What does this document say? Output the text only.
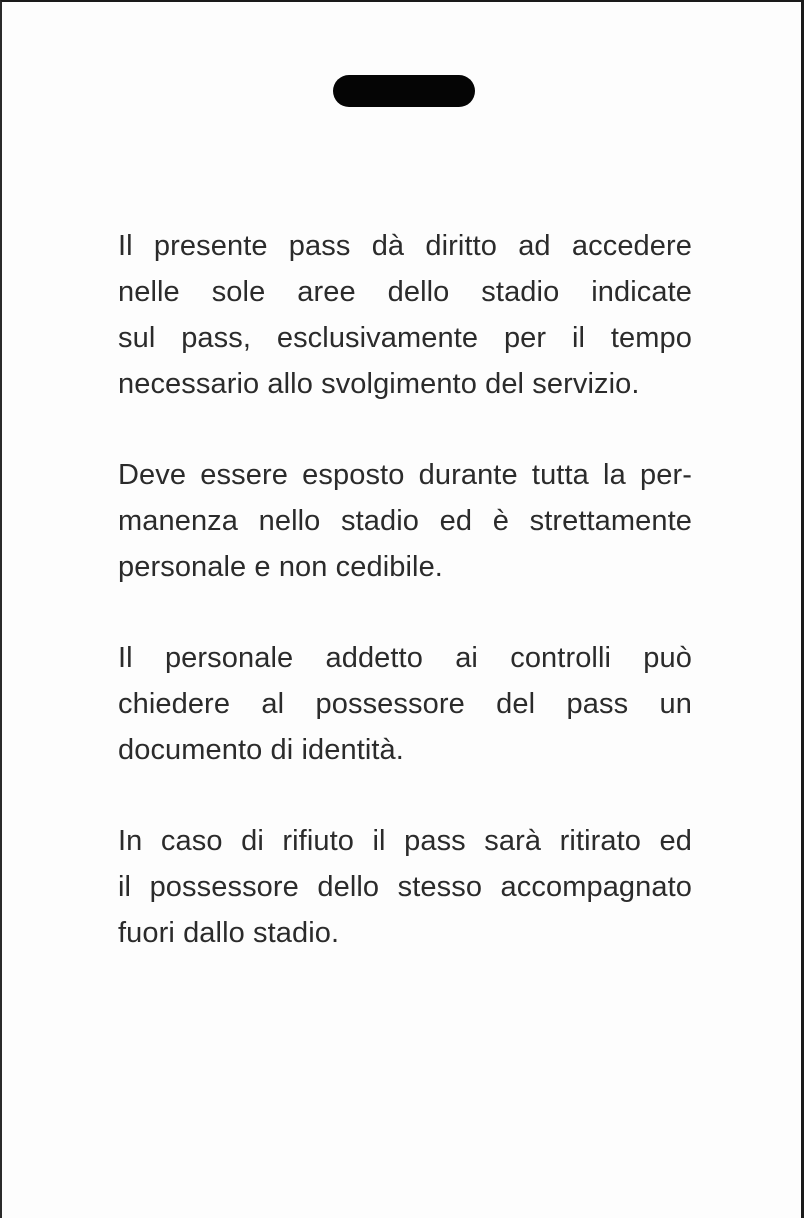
Il presente pass dà diritto ad accedere
nelle sole aree dello stadio indicate
sul pass, esclusivamente per il tempo
necessario allo svolgimento del servizio.
Deve essere esposto durante tutta la per-
manenza nello stadio ed è strettamente
personale e non cedibile.
Il personale addetto ai controlli può
chiedere al possessore del pass un
documento di identità.
In caso di rifiuto il pass sarà ritirato ed
il possessore dello stesso accompagnato
fuori dallo stadio.
